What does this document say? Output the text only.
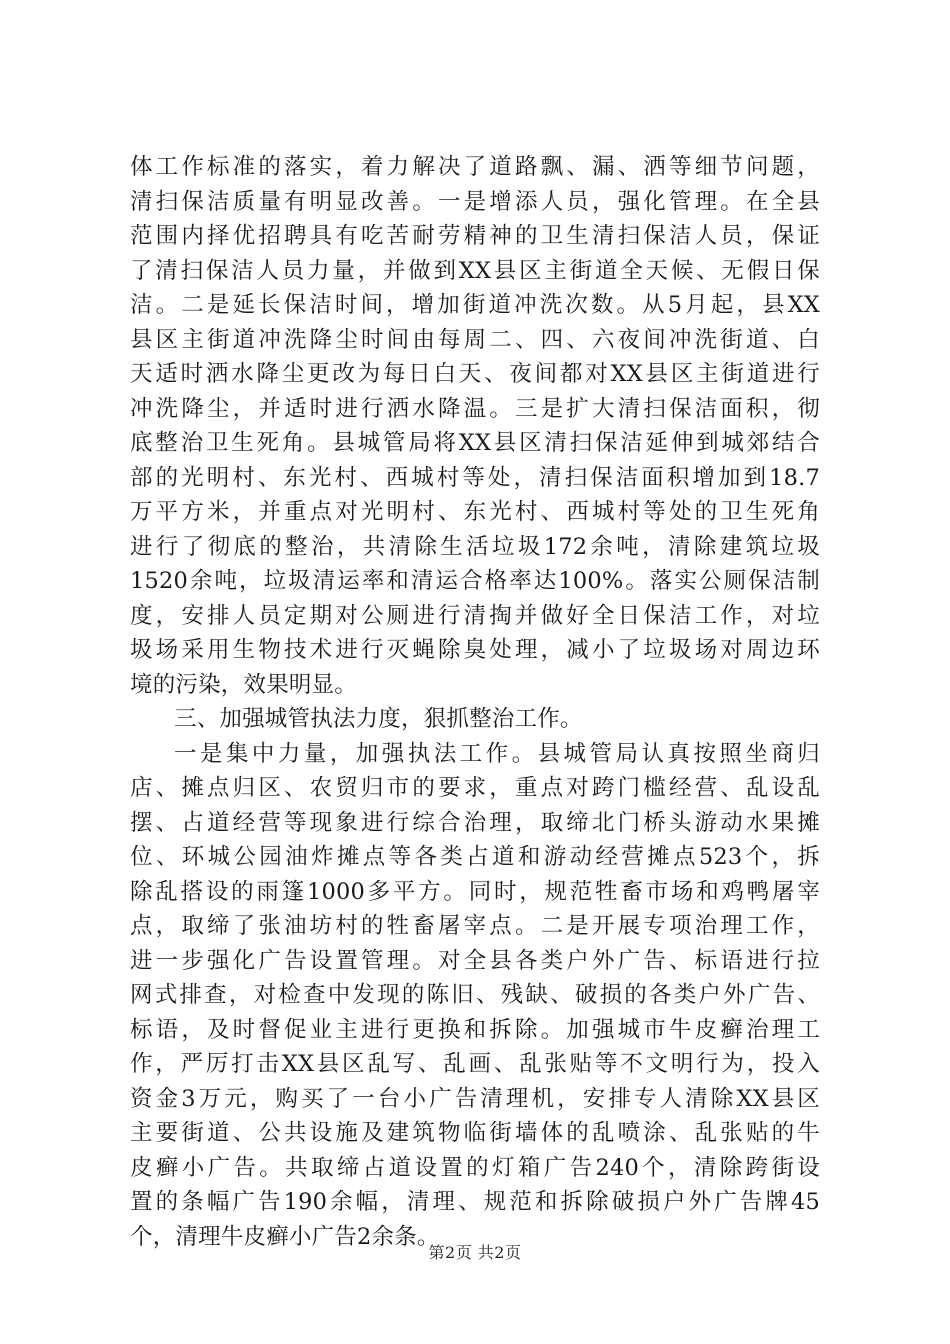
体工作标准的落实，着力解决了道路飘、漏、洒等细节问题，
清扫保洁质量有明显改善。一是增添人员，强化管理。在全县
范围内择优招聘具有吃苦耐劳精神的卫生清扫保洁人员，保证
了清扫保洁人员力量，并做到XX县区主街道全天候、无假日保
洁。二是延长保洁时间，增加街道冲洗次数。从5月起，县XX
县区主街道冲洗降尘时间由每周二、四、六夜间冲洗街道、白
天适时洒水降尘更改为每日白天、夜间都对XX县区主街道进行
冲洗降尘，并适时进行洒水降温。三是扩大清扫保洁面积，彻
底整治卫生死角。县城管局将XX县区清扫保洁延伸到城郊结合
部的光明村、东光村、西城村等处，清扫保洁面积增加到18.7
万平方米，并重点对光明村、东光村、西城村等处的卫生死角
进行了彻底的整治，共清除生活垃圾172余吨，清除建筑垃圾
1520余吨，垃圾清运率和清运合格率达100%。落实公厕保洁制
度，安排人员定期对公厕进行清掏并做好全日保洁工作，对垃
圾场采用生物技术进行灭蝇除臭处理，减小了垃圾场对周边环
境的污染，效果明显。
三、加强城管执法力度，狠抓整治工作。
一是集中力量，加强执法工作。县城管局认真按照坐商归
店、摊点归区、农贸归市的要求，重点对跨门槛经营、乱设乱
摆、占道经营等现象进行综合治理，取缔北门桥头游动水果摊
位、环城公园油炸摊点等各类占道和游动经营摊点523个，拆
除乱搭设的雨篷1000多平方。同时，规范牲畜市场和鸡鸭屠宰
点，取缔了张油坊村的牲畜屠宰点。二是开展专项治理工作，
进一步强化广告设置管理。对全县各类户外广告、标语进行拉
网式排查，对检查中发现的陈旧、残缺、破损的各类户外广告、
标语，及时督促业主进行更换和拆除。加强城市牛皮癣治理工
作，严厉打击XX县区乱写、乱画、乱张贴等不文明行为，投入
资金3万元，购买了一台小广告清理机，安排专人清除XX县区
主要街道、公共设施及建筑物临街墙体的乱喷涂、乱张贴的牛
皮癣小广告。共取缔占道设置的灯箱广告240个，清除跨街设
置的条幅广告190余幅，清理、规范和拆除破损户外广告牌45
个，清理牛皮癣小广告2余条。
第2页 共2页
